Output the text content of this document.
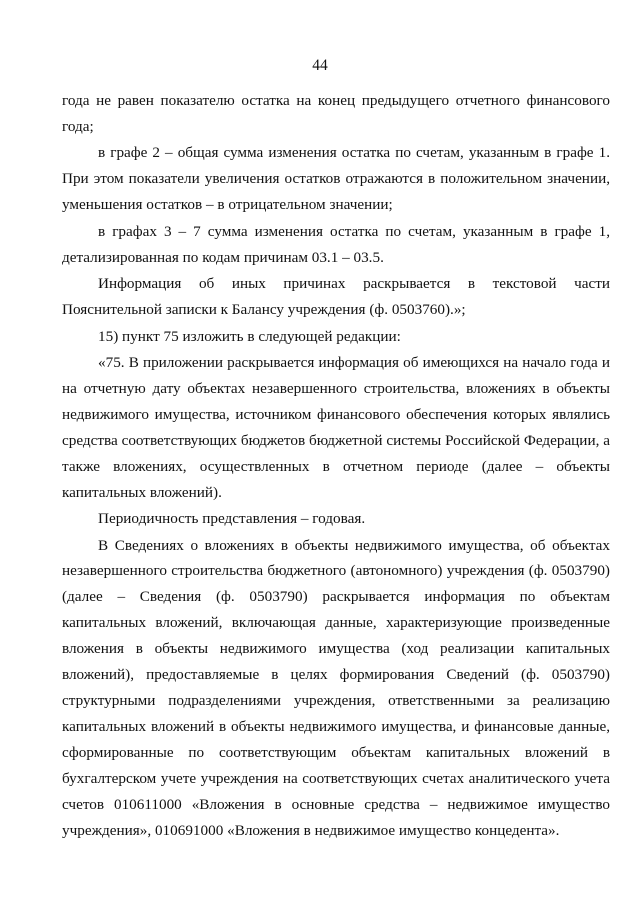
44

года не равен показателю остатка на конец предыдущего отчетного финансового года;

в графе 2 – общая сумма изменения остатка по счетам, указанным в графе 1. При этом показатели увеличения остатков отражаются в положительном значении, уменьшения остатков – в отрицательном значении;

в графах 3 – 7 сумма изменения остатка по счетам, указанным в графе 1, детализированная по кодам причинам 03.1 – 03.5.

Информация об иных причинах раскрывается в текстовой части Пояснительной записки к Балансу учреждения (ф. 0503760).»;

15) пункт 75 изложить в следующей редакции:

«75. В приложении раскрывается информация об имеющихся на начало года и на отчетную дату объектах незавершенного строительства, вложениях в объекты недвижимого имущества, источником финансового обеспечения которых являлись средства соответствующих бюджетов бюджетной системы Российской Федерации, а также вложениях, осуществленных в отчетном периоде (далее – объекты капитальных вложений).

Периодичность представления – годовая.

В Сведениях о вложениях в объекты недвижимого имущества, об объектах незавершенного строительства бюджетного (автономного) учреждения (ф. 0503790) (далее – Сведения (ф. 0503790) раскрывается информация по объектам капитальных вложений, включающая данные, характеризующие произведенные вложения в объекты недвижимого имущества (ход реализации капитальных вложений), предоставляемые в целях формирования Сведений (ф. 0503790) структурными подразделениями учреждения, ответственными за реализацию капитальных вложений в объекты недвижимого имущества, и финансовые данные, сформированные по соответствующим объектам капитальных вложений в бухгалтерском учете учреждения на соответствующих счетах аналитического учета счетов 010611000 «Вложения в основные средства – недвижимое имущество учреждения», 010691000 «Вложения в недвижимое имущество концедента».
